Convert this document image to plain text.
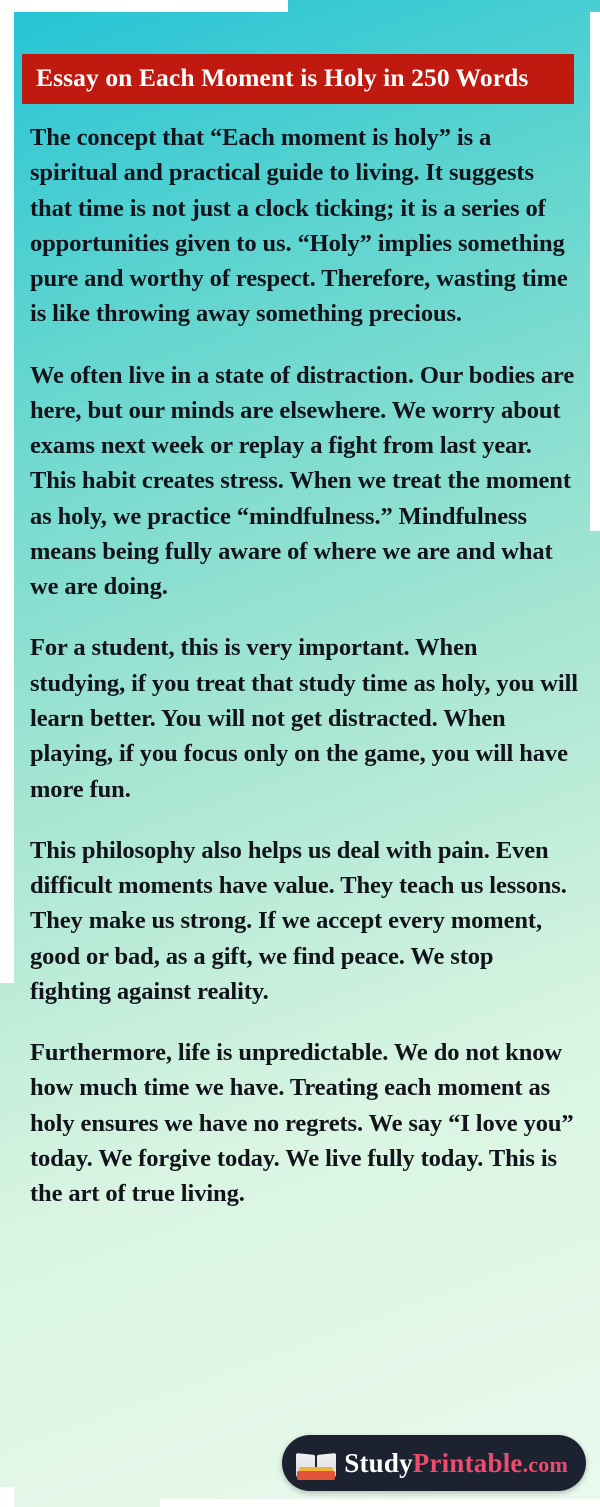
Essay on Each Moment is Holy in 250 Words

The concept that “Each moment is holy” is a spiritual and practical guide to living. It suggests that time is not just a clock ticking; it is a series of opportunities given to us. “Holy” implies something pure and worthy of respect. Therefore, wasting time is like throwing away something precious.

We often live in a state of distraction. Our bodies are here, but our minds are elsewhere. We worry about exams next week or replay a fight from last year. This habit creates stress. When we treat the moment as holy, we practice “mindfulness.” Mindfulness means being fully aware of where we are and what we are doing.

For a student, this is very important. When studying, if you treat that study time as holy, you will learn better. You will not get distracted. When playing, if you focus only on the game, you will have more fun.

This philosophy also helps us deal with pain. Even difficult moments have value. They teach us lessons. They make us strong. If we accept every moment, good or bad, as a gift, we find peace. We stop fighting against reality.

Furthermore, life is unpredictable. We do not know how much time we have. Treating each moment as holy ensures we have no regrets. We say “I love you” today. We forgive today. We live fully today. This is the art of true living.

StudyPrintable.com
